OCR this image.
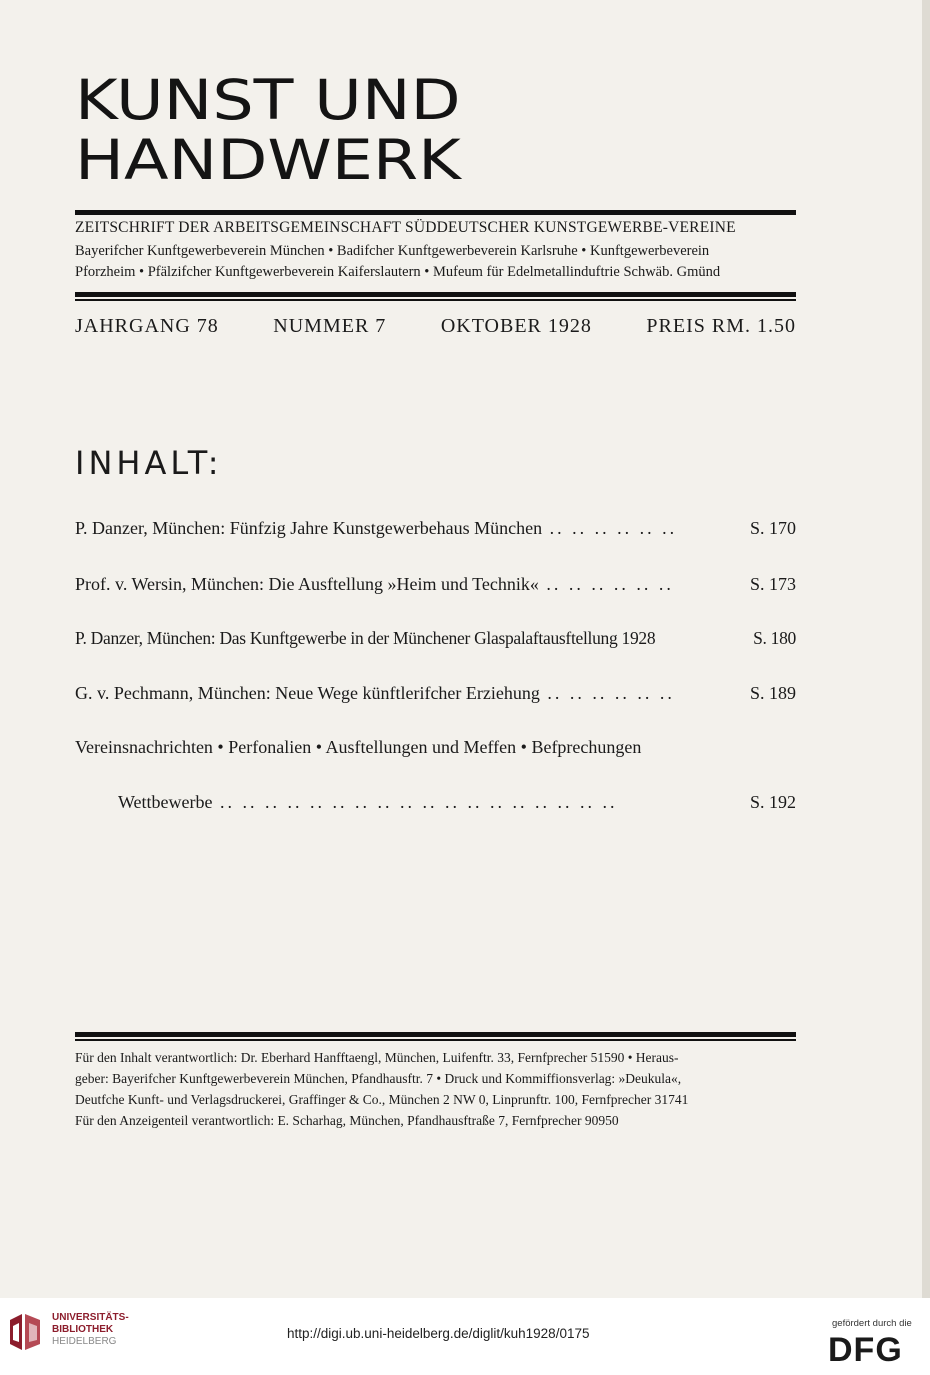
KUNST UND
HANDWERK
ZEITSCHRIFT DER ARBEITSGEMEINSCHAFT SÜDDEUTSCHER KUNSTGEWERBE-VEREINE
Bayerifcher Kunftgewerbeverein München • Badifcher Kunftgewerbeverein Karlsruhe • Kunftgewerbeverein
Pforzheim • Pfälzifcher Kunftgewerbeverein Kaiferslautern • Mufeum für Edelmetallinduftrie Schwäb. Gmünd
JAHRGANG 78	NUMMER 7	OKTOBER 1928	PREIS RM. 1.50
INHALT:
P. Danzer, München: Fünfzig Jahre Kunstgewerbehaus München .. .. .. .. .. ..	S. 170
Prof. v. Wersin, München: Die Ausftellung »Heim und Technik« .. .. .. .. .. ..	S. 173
P. Danzer, München: Das Kunftgewerbe in der Münchener Glaspalaftausftellung 1928	S. 180
G. v. Pechmann, München: Neue Wege künftlerifcher Erziehung .. .. .. .. .. ..	S. 189
Vereinsnachrichten • Perfonalien • Ausftellungen und Meffen • Befprechungen
Wettbewerbe .. .. .. .. .. .. .. .. .. .. .. .. .. .. .. .. .. ..	S. 192
Für den Inhalt verantwortlich: Dr. Eberhard Hanfftaengl, München, Luifenftr. 33, Fernfprecher 51590 • Heraus-
geber: Bayerifcher Kunftgewerbeverein München, Pfandhausftr. 7 • Druck und Kommiffionsverlag: »Deukula«,
Deutfche Kunft- und Verlagsdruckerei, Graffinger & Co., München 2 NW 0, Linprunftr. 100, Fernfprecher 31741
Für den Anzeigenteil verantwortlich: E. Scharhag, München, Pfandhausftraße 7, Fernfprecher 90950
UNIVERSITÄTS-
BIBLIOTHEK
HEIDELBERG
http://digi.ub.uni-heidelberg.de/diglit/kuh1928/0175
gefördert durch die
DFG
